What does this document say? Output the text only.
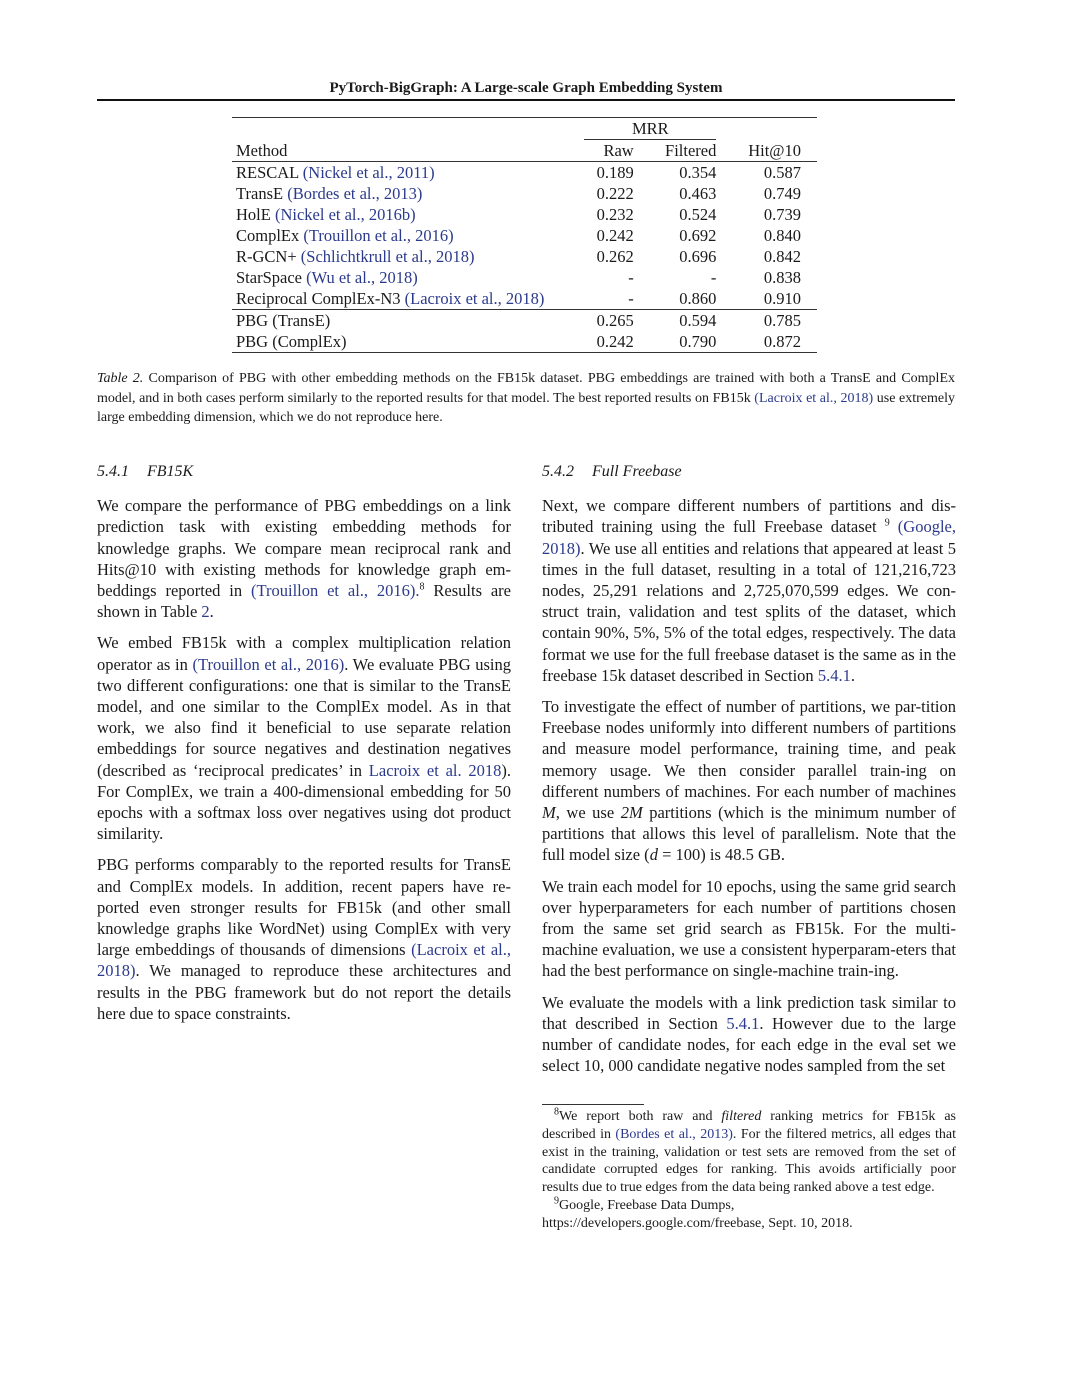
PyTorch-BigGraph: A Large-scale Graph Embedding System
	MRR		
Method	Raw	Filtered	Hit@10
RESCAL (Nickel et al., 2011)	0.189	0.354	0.587
TransE (Bordes et al., 2013)	0.222	0.463	0.749
HolE (Nickel et al., 2016b)	0.232	0.524	0.739
ComplEx (Trouillon et al., 2016)	0.242	0.692	0.840
R-GCN+ (Schlichtkrull et al., 2018)	0.262	0.696	0.842
StarSpace (Wu et al., 2018)	-	-	0.838
Reciprocal ComplEx-N3 (Lacroix et al., 2018)	-	0.860	0.910
PBG (TransE)	0.265	0.594	0.785
PBG (ComplEx)	0.242	0.790	0.872
Table 2. Comparison of PBG with other embedding methods on the FB15k dataset. PBG embeddings are trained with both a TransE and ComplEx model, and in both cases perform similarly to the reported results for that model. The best reported results on FB15k (Lacroix et al., 2018) use extremely large embedding dimension, which we do not reproduce here.
5.4.1 FB15K

We compare the performance of PBG embeddings on a link prediction task with existing embedding methods for knowledge graphs. We compare mean reciprocal rank and Hits@10 with existing methods for knowledge graph em-beddings reported in (Trouillon et al., 2016).$^8$ Results are shown in Table 2.

We embed FB15k with a complex multiplication relation operator as in (Trouillon et al., 2016). We evaluate PBG using two different configurations: one that is similar to the TransE model, and one similar to the ComplEx model. As in that work, we also find it beneficial to use separate relation embeddings for source negatives and destination negatives (described as ‘reciprocal predicates’ in Lacroix et al. 2018). For ComplEx, we train a 400-dimensional embedding for 50 epochs with a softmax loss over negatives using dot product similarity.

PBG performs comparably to the reported results for TransE and ComplEx models. In addition, recent papers have re-ported even stronger results for FB15k (and other small knowledge graphs like WordNet) using ComplEx with very large embeddings of thousands of dimensions (Lacroix et al., 2018). We managed to reproduce these architectures and results in the PBG framework but do not report the details here due to space constraints.

5.4.2 Full Freebase

Next, we compare different numbers of partitions and dis-tributed training using the full Freebase dataset $^9$ (Google, 2018). We use all entities and relations that appeared at least 5 times in the full dataset, resulting in a total of 121,216,723 nodes, 25,291 relations and 2,725,070,599 edges. We con-struct train, validation and test splits of the dataset, which contain 90%, 5%, 5% of the total edges, respectively. The data format we use for the full freebase dataset is the same as in the freebase 15k dataset described in Section 5.4.1.

To investigate the effect of number of partitions, we par-tition Freebase nodes uniformly into different numbers of partitions and measure model performance, training time, and peak memory usage. We then consider parallel train-ing on different numbers of machines. For each number of machines M, we use 2M partitions (which is the minimum number of partitions that allows this level of parallelism. Note that the full model size (d = 100) is 48.5 GB.

We train each model for 10 epochs, using the same grid search over hyperparameters for each number of partitions chosen from the same set grid search as FB15k. For the multi-machine evaluation, we use a consistent hyperparam-eters that had the best performance on single-machine train-ing.

We evaluate the models with a link prediction task similar to that described in Section 5.4.1. However due to the large number of candidate nodes, for each edge in the eval set we select 10, 000 candidate negative nodes sampled from the set

$^8$We report both raw and filtered ranking metrics for FB15k as described in (Bordes et al., 2013). For the filtered metrics, all edges that exist in the training, validation or test sets are removed from the set of candidate corrupted edges for ranking. This avoids artificially poor results due to true edges from the data being ranked above a test edge.

$^9$Google, Freebase Data Dumps,

https://developers.google.com/freebase, Sept. 10, 2018.
